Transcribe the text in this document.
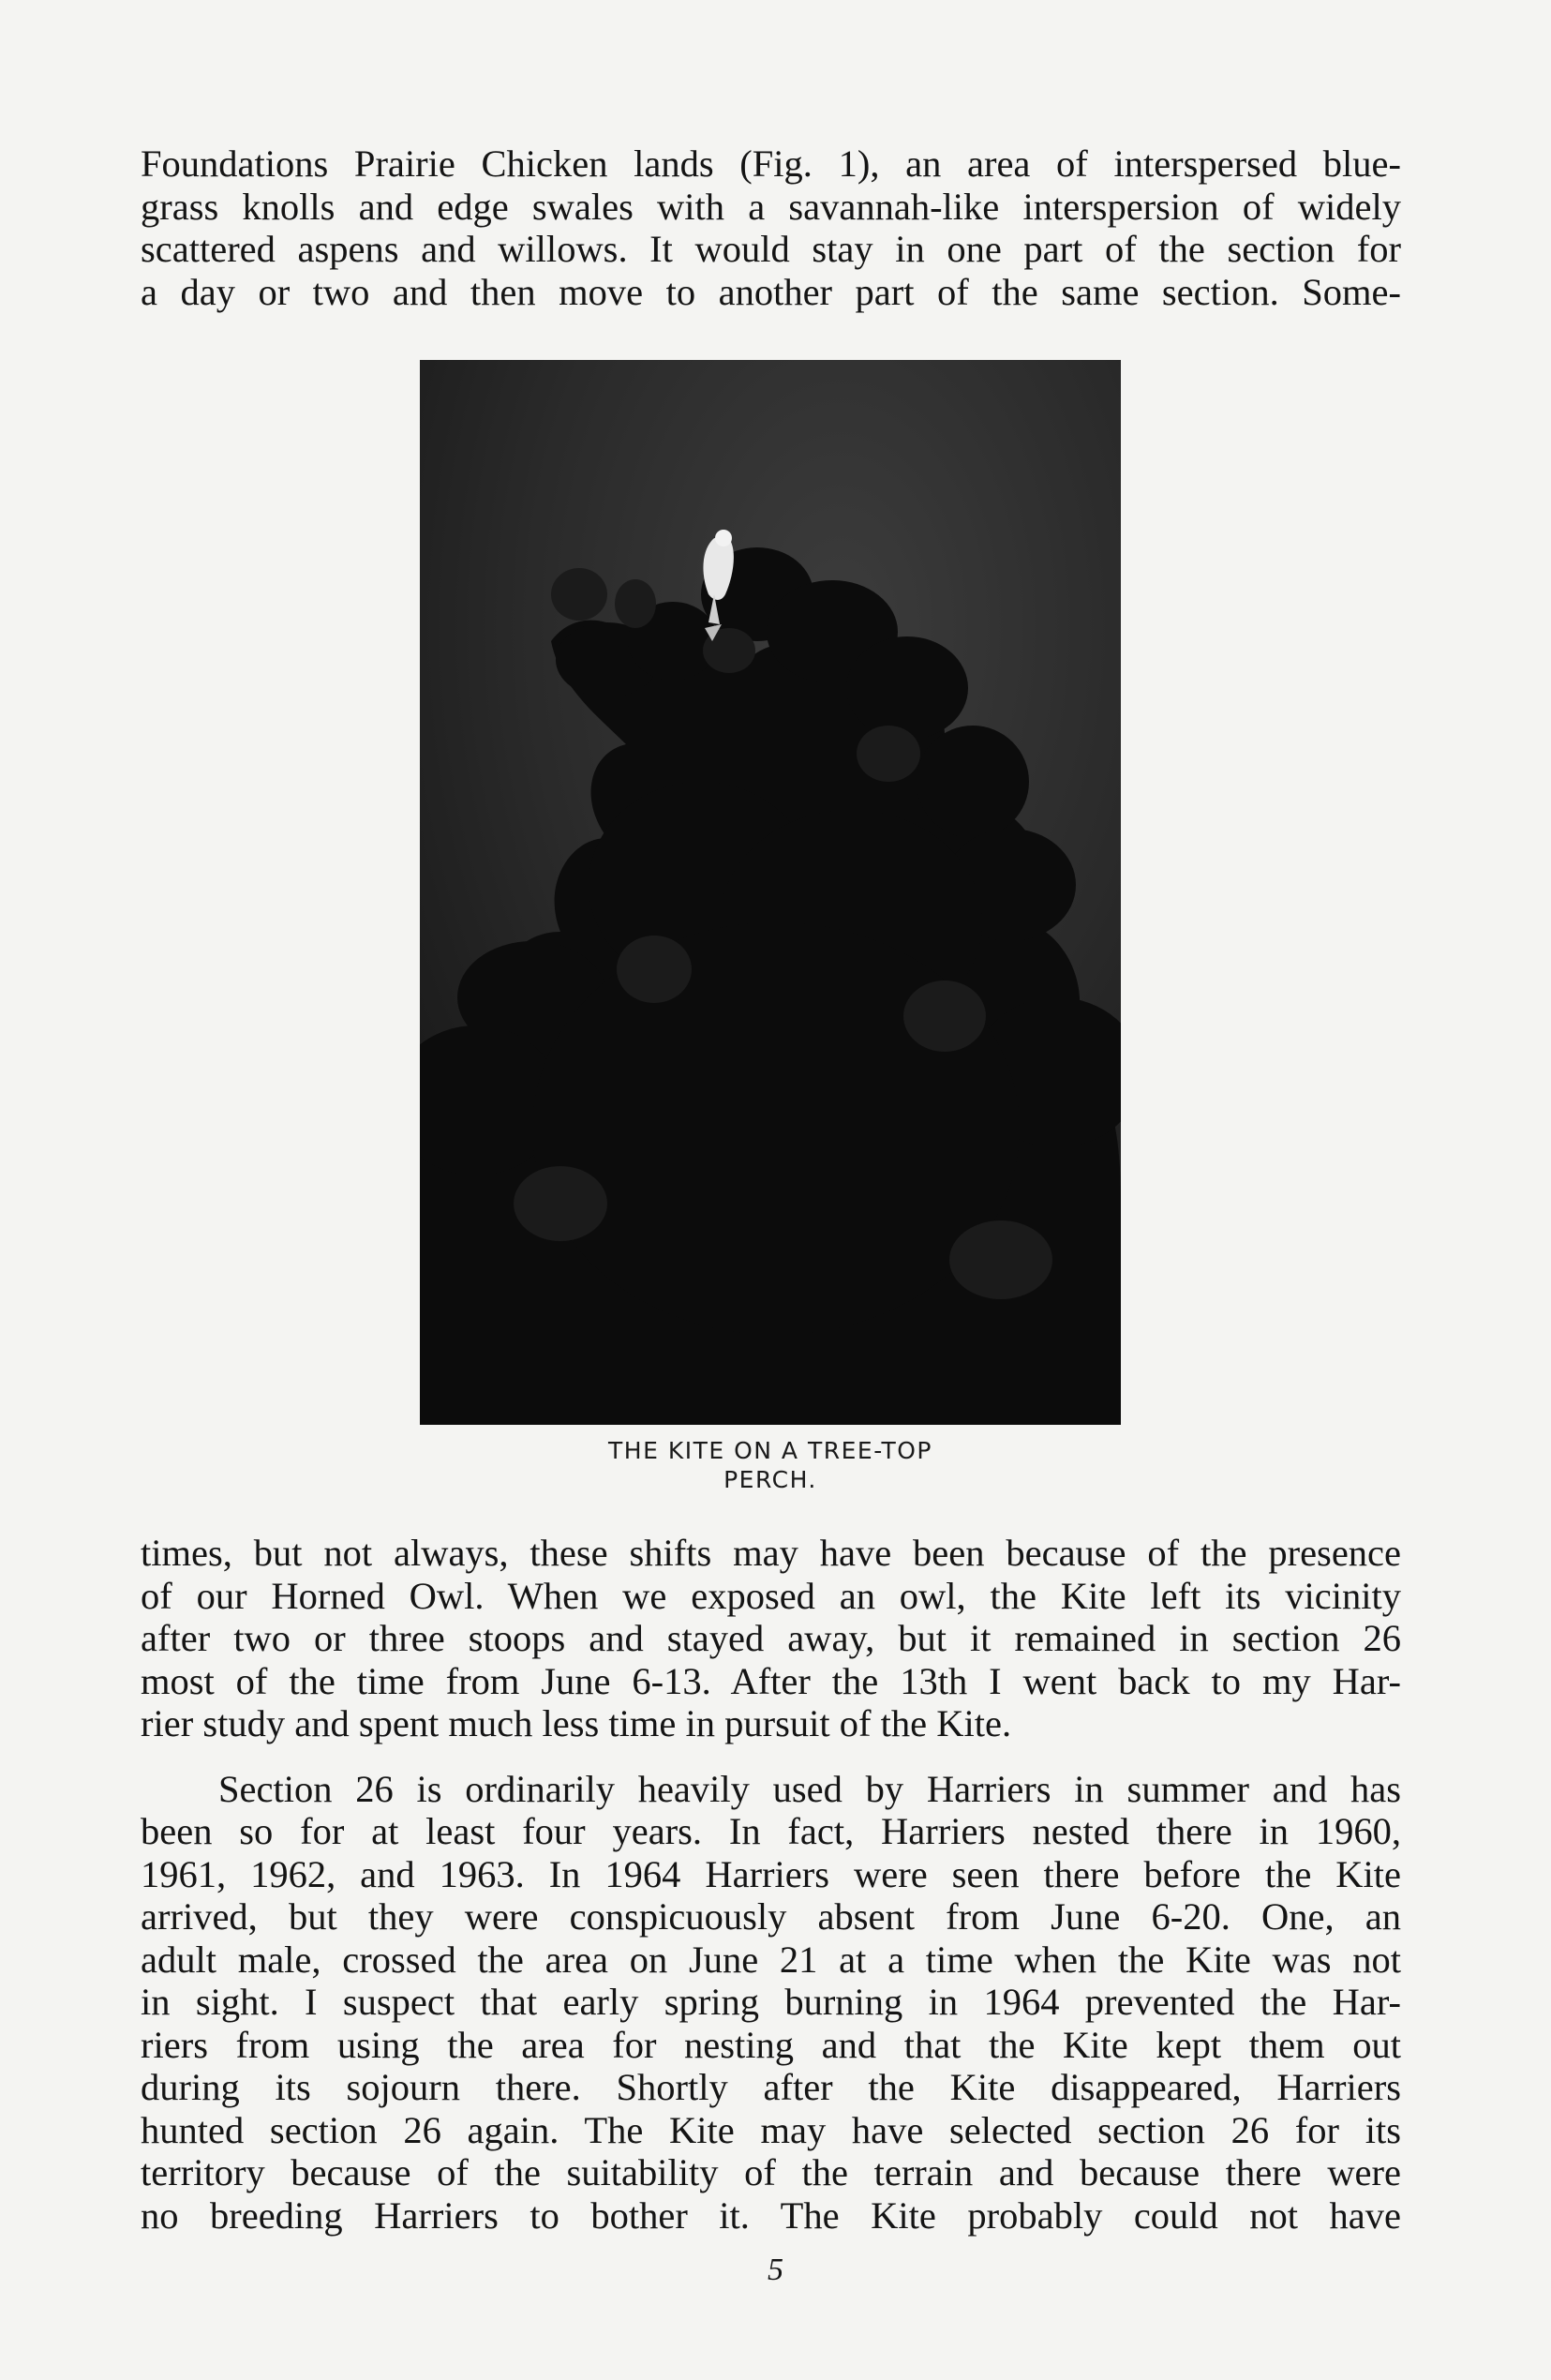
Foundations Prairie Chicken lands (Fig. 1), an area of interspersed blue-
grass knolls and edge swales with a savannah-like interspersion of widely
scattered aspens and willows. It would stay in one part of the section for
a day or two and then move to another part of the same section. Some-
THE KITE ON A TREE-TOP
PERCH.
times, but not always, these shifts may have been because of the presence
of our Horned Owl. When we exposed an owl, the Kite left its vicinity
after two or three stoops and stayed away, but it remained in section 26
most of the time from June 6-13. After the 13th I went back to my Har-
rier study and spent much less time in pursuit of the Kite.
Section 26 is ordinarily heavily used by Harriers in summer and has
been so for at least four years. In fact, Harriers nested there in 1960,
1961, 1962, and 1963. In 1964 Harriers were seen there before the Kite
arrived, but they were conspicuously absent from June 6-20. One, an
adult male, crossed the area on June 21 at a time when the Kite was not
in sight. I suspect that early spring burning in 1964 prevented the Har-
riers from using the area for nesting and that the Kite kept them out
during its sojourn there. Shortly after the Kite disappeared, Harriers
hunted section 26 again. The Kite may have selected section 26 for its
territory because of the suitability of the terrain and because there were
no breeding Harriers to bother it. The Kite probably could not have
5
